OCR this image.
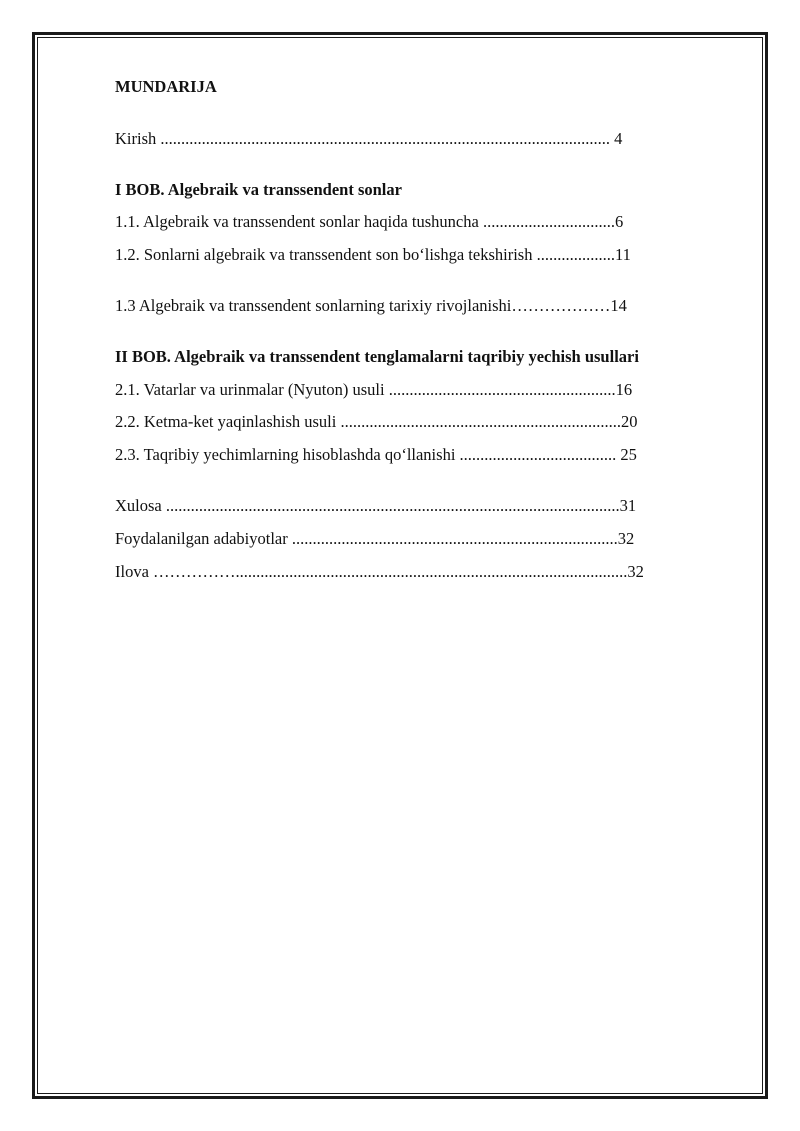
MUNDARIJA
Kirish ............................................................................................................. 4
I BOB. Algebraik va transsendent sonlar
1.1. Algebraik va transsendent sonlar haqida tushuncha ................................6
1.2. Sonlarni algebraik va transsendent son bo‘lishga tekshirish ...................11
1.3 Algebraik va transsendent sonlarning tarixiy rivojlanishi………………14
II BOB. Algebraik va transsendent tenglamalarni taqribiy yechish usullari
2.1. Vatarlar va urinmalar (Nyuton) usuli .......................................................16
2.2. Ketma-ket yaqinlashish usuli ....................................................................20
2.3. Taqribiy yechimlarning hisoblashda qo‘llanishi ...................................... 25
Xulosa ..............................................................................................................31
Foydalanilgan adabiyotlar ...............................................................................32
Ilova ……………...............................................................................................32
